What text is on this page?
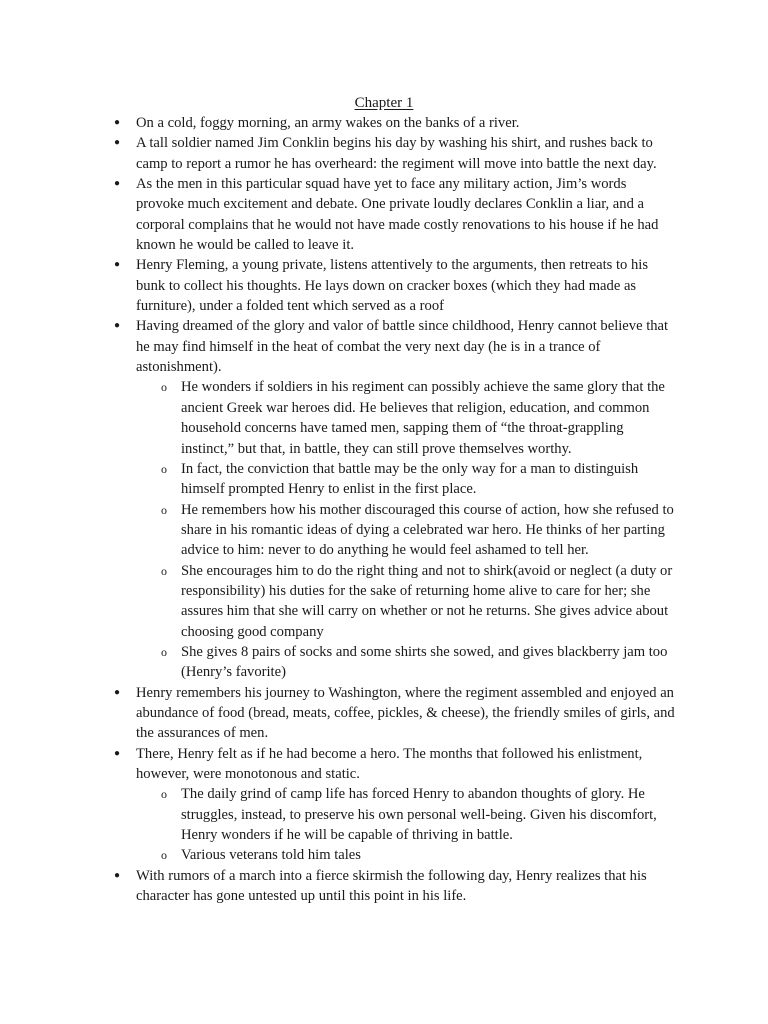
Chapter 1
● On a cold, foggy morning, an army wakes on the banks of a river.
● A tall soldier named Jim Conklin begins his day by washing his shirt, and rushes back to camp to report a rumor he has overheard: the regiment will move into battle the next day.
● As the men in this particular squad have yet to face any military action, Jim’s words provoke much excitement and debate. One private loudly declares Conklin a liar, and a corporal complains that he would not have made costly renovations to his house if he had known he would be called to leave it.
● Henry Fleming, a young private, listens attentively to the arguments, then retreats to his bunk to collect his thoughts. He lays down on cracker boxes (which they had made as furniture), under a folded tent which served as a roof
● Having dreamed of the glory and valor of battle since childhood, Henry cannot believe that he may find himself in the heat of combat the very next day (he is in a trance of astonishment).
o He wonders if soldiers in his regiment can possibly achieve the same glory that the ancient Greek war heroes did. He believes that religion, education, and common household concerns have tamed men, sapping them of “the throat-grappling instinct,” but that, in battle, they can still prove themselves worthy.
o In fact, the conviction that battle may be the only way for a man to distinguish himself prompted Henry to enlist in the first place.
o He remembers how his mother discouraged this course of action, how she refused to share in his romantic ideas of dying a celebrated war hero. He thinks of her parting advice to him: never to do anything he would feel ashamed to tell her.
o She encourages him to do the right thing and not to shirk(avoid or neglect (a duty or responsibility) his duties for the sake of returning home alive to care for her; she assures him that she will carry on whether or not he returns. She gives advice about choosing good company
o She gives 8 pairs of socks and some shirts she sowed, and gives blackberry jam too (Henry’s favorite)
● Henry remembers his journey to Washington, where the regiment assembled and enjoyed an abundance of food (bread, meats, coffee, pickles, & cheese), the friendly smiles of girls, and the assurances of men.
● There, Henry felt as if he had become a hero. The months that followed his enlistment, however, were monotonous and static.
o The daily grind of camp life has forced Henry to abandon thoughts of glory. He struggles, instead, to preserve his own personal well-being. Given his discomfort, Henry wonders if he will be capable of thriving in battle.
o Various veterans told him tales
● With rumors of a march into a fierce skirmish the following day, Henry realizes that his character has gone untested up until this point in his life.
